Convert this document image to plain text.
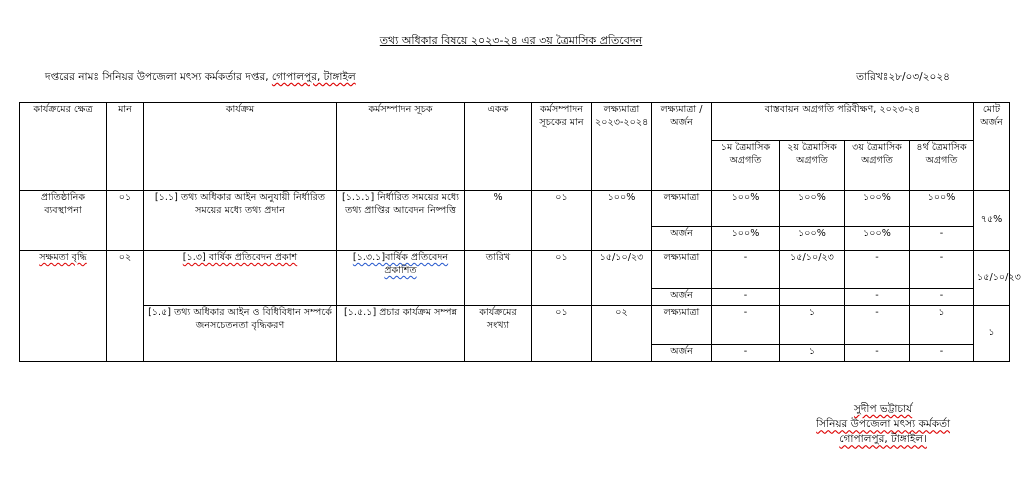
তথ্য অধিকার বিষয়ে ২০২৩-২৪ এর ৩য় ত্রৈমাসিক প্রতিবেদন
দপ্তরের নামঃ সিনিয়র উপজেলা মৎস্য কর্মকর্তার দপ্তর, গোপালপুর, টাঙ্গাইল	তারিখঃ২৮/০৩/২০২৪
কার্যক্রমের ক্ষেত্র	মান	কার্যক্রম	কর্মসম্পাদন সূচক	একক	কর্মসম্পাদন সূচকের মান	লক্ষ্যমাত্রা ২০২৩-২০২৪	লক্ষ্যমাত্রা /অর্জন	বাস্তবায়ন অগ্রগতি পরিবীক্ষণ, ২০২৩-২৪				মোট অর্জন
								১ম ত্রৈমাসিক অগ্রগতি	২য় ত্রৈমাসিক অগ্রগতি	৩য় ত্রৈমাসিক অগ্রগতি	৪র্থ ত্রৈমাসিক অগ্রগতি	
প্রাতিষ্ঠানিক ব্যবস্থাপনা	০১	[১.১] তথ্য অধিকার আইন অনুযায়ী নির্ধারিত সময়ের মধ্যে তথ্য প্রদান	[১.১.১] নির্ধারিত সময়ের মধ্যে তথ্য প্রাপ্তির আবেদন নিষ্পত্তি	%	০১	১০০%	লক্ষ্যমাত্রা	১০০%	১০০%	১০০%	১০০%	৭৫%
							অর্জন	১০০%	১০০%	১০০%	-	
সক্ষমতা বৃদ্ধি	০২	[১.৩] বার্ষিক প্রতিবেদন প্রকাশ	[১.৩.১]বার্ষিক প্রতিবেদন প্রকাশিত	তারিখ	০১	১৫/১০/২৩	লক্ষ্যমাত্রা	-	১৫/১০/২৩	-	-	১৫/১০/২৩
							অর্জন	-		-	-	
		[১.৫] তথ্য অধিকার আইন ও বিধিবিধান সম্পর্কে জনসচেতনতা বৃদ্ধিকরণ	[১.৫.১] প্রচার কার্যক্রম সম্পন্ন	কার্যক্রমের সংখ্যা	০১	০২	লক্ষ্যমাত্রা	-	১	-	১	১
							অর্জন	-	১	-	-	
সুদীপ ভট্টাচার্য
সিনিয়র উপজেলা মৎস্য কর্মকর্তা
গোপালপুর, টাঙ্গাইল।
